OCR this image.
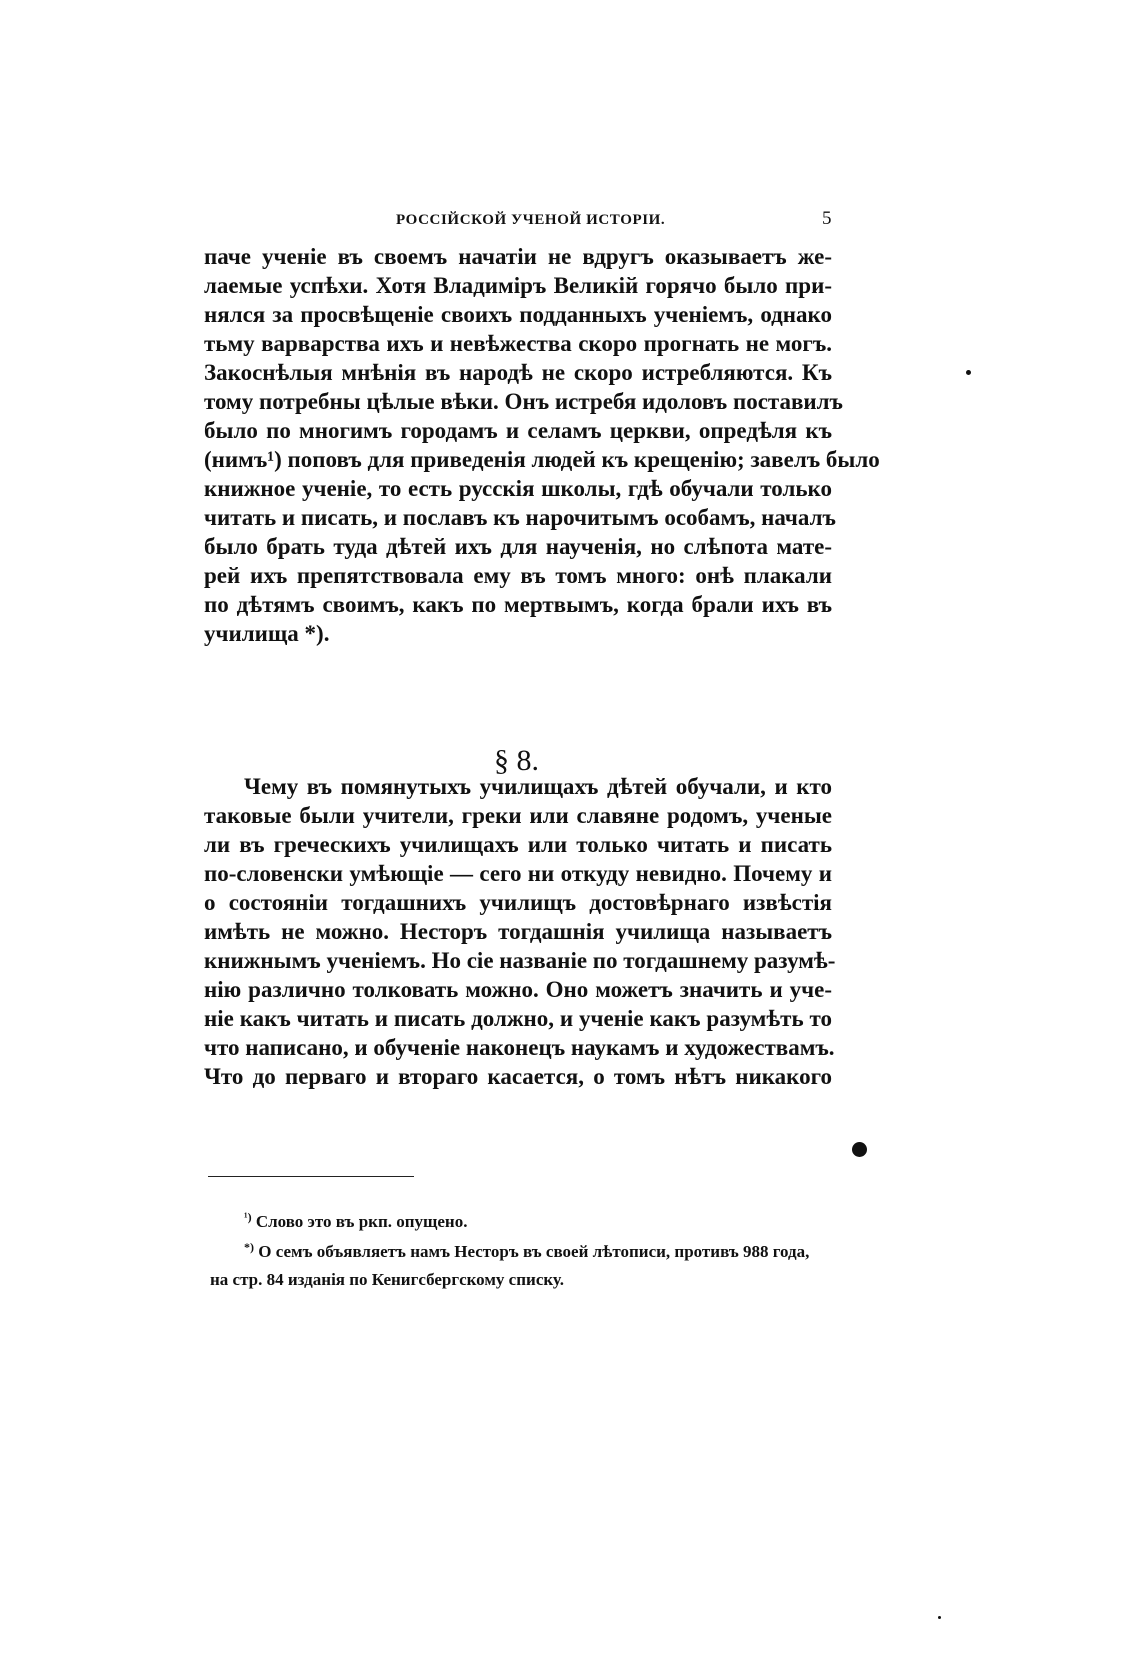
РОССІЙСКОЙ УЧЕНОЙ ИСТОРІИ.	5
паче ученіе въ своемъ начатіи не вдругъ оказываетъ же-
лаемые успѣхи. Хотя Владиміръ Великій горячо было при-
нялся за просвѣщеніе своихъ подданныхъ ученіемъ, однако
тьму варварства ихъ и невѣжества скоро прогнать не могъ.
Закоснѣлыя мнѣнія въ народѣ не скоро истребляются. Къ
тому потребны цѣлые вѣки. Онъ истребя идоловъ поставилъ
было по многимъ городамъ и селамъ церкви, опредѣля къ
(нимъ¹) поповъ для приведенія людей къ крещенію; завелъ было
книжное ученіе, то есть русскія школы, гдѣ обучали только
читать и писать, и пославъ къ нарочитымъ особамъ, началъ
было брать туда дѣтей ихъ для наученія, но слѣпота мате-
рей ихъ препятствовала ему въ томъ много: онѣ плакали
по дѣтямъ своимъ, какъ по мертвымъ, когда брали ихъ въ
училища *).
§ 8.
Чему въ помянутыхъ училищахъ дѣтей обучали, и кто
таковые были учители, греки или славяне родомъ, ученые
ли въ греческихъ училищахъ или только читать и писать
по-словенски умѣющіе — сего ни откуду невидно. Почему и
о состояніи тогдашнихъ училищъ достовѣрнаго извѣстія
имѣть не можно. Несторъ тогдашнія училища называетъ
книжнымъ ученіемъ. Но сіе названіе по тогдашнему разумѣ-
нію различно толковать можно. Оно можетъ значить и уче-
ніе какъ читать и писать должно, и ученіе какъ разумѣть то
что написано, и обученіе наконецъ наукамъ и художествамъ.
Что до перваго и втораго касается, о томъ нѣтъ никакого
$^{^1)}$ Слово это въ ркп. опущено.
*) О семъ объявляетъ намъ Несторъ въ своей лѣтописи, противъ 988 года,
на стр. 84 изданія по Кенигсбергскому списку.
